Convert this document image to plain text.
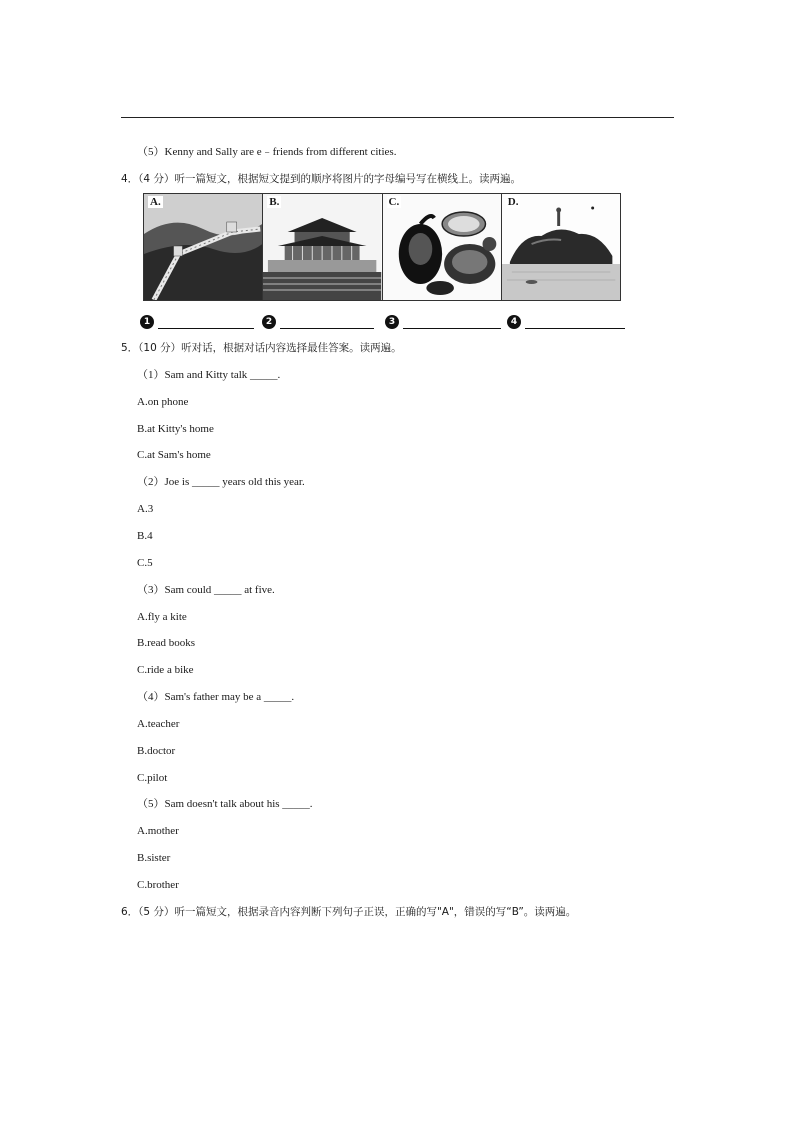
（5）Kenny and Sally are e﹣friends from different cities.
4．（4 分）听一篇短文，根据短文提到的顺序将图片的字母编号写在横线上。读两遍。
A.	B.	C.	D.
1	2	3	4
5．（10 分）听对话，根据对话内容选择最佳答案。读两遍。
（1）Sam and Kitty talk _____.
A.on phone
B.at Kitty's home
C.at Sam's home
（2）Joe is _____ years old this year.
A.3
B.4
C.5
（3）Sam could _____ at five.
A.fly a kite
B.read books
C.ride a bike
（4）Sam's father may be a _____.
A.teacher
B.doctor
C.pilot
（5）Sam doesn't talk about his _____.
A.mother
B.sister
C.brother
6．（5 分）听一篇短文，根据录音内容判断下列句子正误，正确的写"A"，错误的写“B”。读两遍。
